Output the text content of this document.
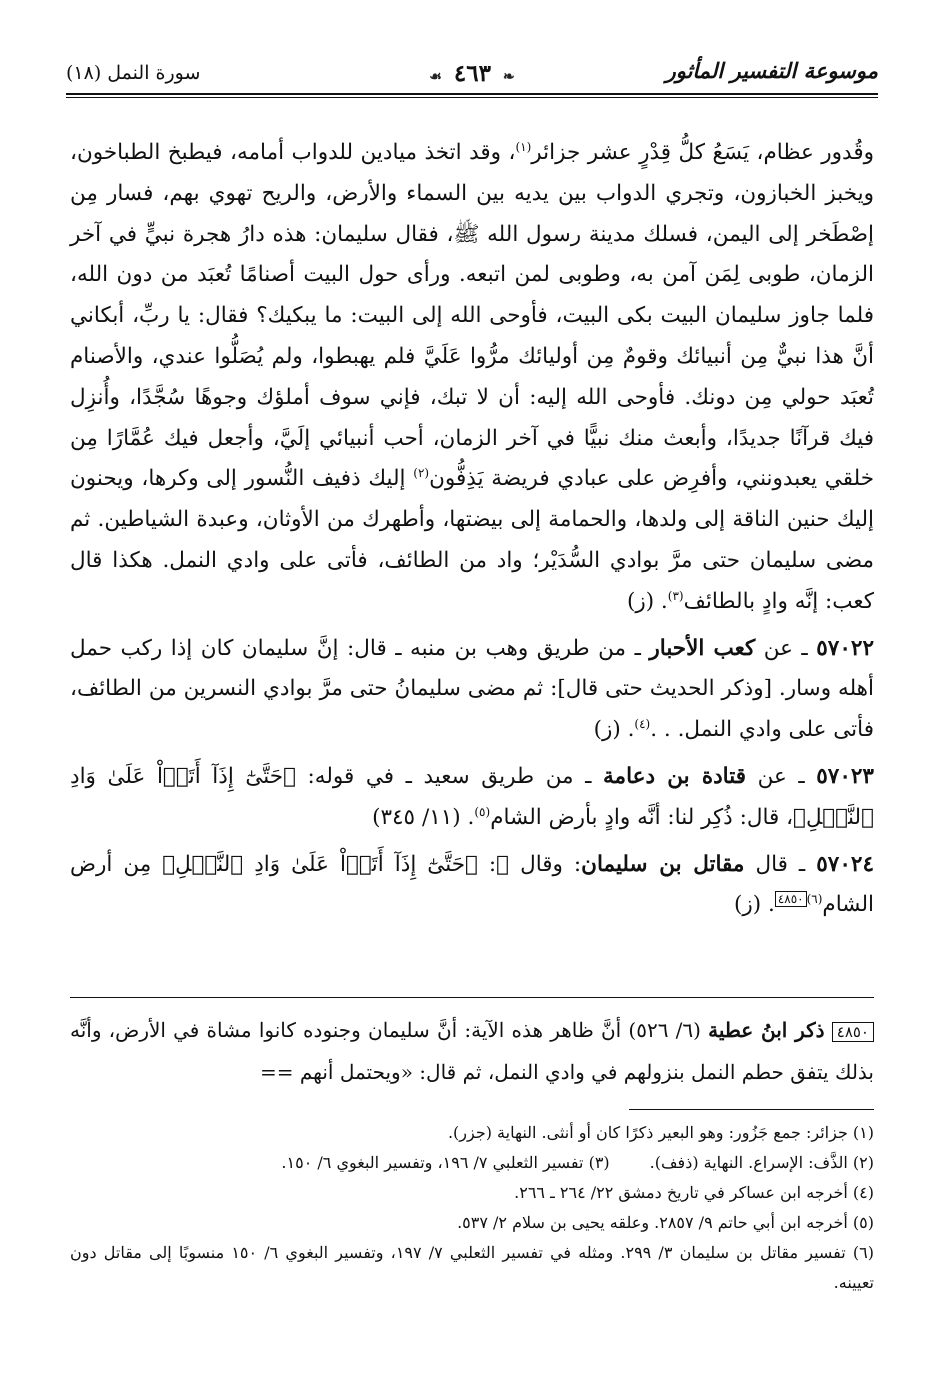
موسوعة التفسير المأثور
❧ ٤٦٣ ☙
سورة النمل (١٨)

وقُدور عظام، يَسَعُ كلُّ قِدْرٍ عشر جزائر$^{(١)}$، وقد اتخذ ميادين للدواب أمامه، فيطبخ الطباخون، ويخبز الخبازون، وتجري الدواب بين يديه بين السماء والأرض، والريح تهوي بهم، فسار مِن إصْطَخر إلى اليمن، فسلك مدينة رسول الله ﷺ، فقال سليمان: هذه دارُ هجرة نبيٍّ في آخر الزمان، طوبى لِمَن آمن به، وطوبى لمن اتبعه. ورأى حول البيت أصنامًا تُعبَد من دون الله، فلما جاوز سليمان البيت بكى البيت، فأوحى الله إلى البيت: ما يبكيك؟ فقال: يا ربِّ، أبكاني أنَّ هذا نبيٌّ مِن أنبيائك وقومٌ مِن أوليائك مرُّوا عَلَيَّ فلم يهبطوا، ولم يُصَلُّوا عندي، والأصنام تُعبَد حولي مِن دونك. فأوحى الله إليه: أن لا تبك، فإني سوف أملؤك وجوهًا سُجَّدًا، وأُنزِل فيك قرآنًا جديدًا، وأبعث منك نبيًّا في آخر الزمان، أحب أنبيائي إلَيَّ، وأجعل فيك عُمَّارًا مِن خلقي يعبدونني، وأفرِض على عبادي فريضة يَذِفُّون$^{(٢)}$ إليك ذفيف النُّسور إلى وكرها، ويحنون إليك حنين الناقة إلى ولدها، والحمامة إلى بيضتها، وأطهرك من الأوثان، وعبدة الشياطين. ثم مضى سليمان حتى مرَّ بوادي السُّدَيْر؛ واد من الطائف، فأتى على وادي النمل. هكذا قال كعب: إنَّه وادٍ بالطائف$^{(٣)}$. (ز)

٥٧٠٢٢ ـ عن كعب الأحبار ـ من طريق وهب بن منبه ـ قال: إنَّ سليمان كان إذا ركب حمل أهله وسار. [وذكر الحديث حتى قال]: ثم مضى سليمانُ حتى مرَّ بوادي النسرين من الطائف، فأتى على وادي النمل. . .$^{(٤)}$. (ز)

٥٧٠٢٣ ـ عن قتادة بن دعامة ـ من طريق سعيد ـ في قوله: ﴿حَتَّىٰٓ إِذَآ أَتَوۡاْ عَلَىٰ وَادِ ٱلنَّمۡلِ﴾، قال: ذُكِر لنا: أنَّه وادٍ بأرض الشام$^{(٥)}$. (١١/ ٣٤٥)

٥٧٠٢٤ ـ قال مقاتل بن سليمان: وقال ﷺ: ﴿حَتَّىٰٓ إِذَآ أَتَوۡاْ عَلَىٰ وَادِ ٱلنَّمۡلِ﴾ مِن أرض الشام$^{(٦)٤٨٥٠}$. (ز)

٤٨٥٠ ذكر ابنُ عطية (٦/ ٥٢٦) أنَّ ظاهر هذه الآية: أنَّ سليمان وجنوده كانوا مشاة في الأرض، وأنَّه بذلك يتفق حطم النمل بنزولهم في وادي النمل، ثم قال: «ويحتمل أنهم ==

(١) جزائر: جمع جَزُور: وهو البعير ذكرًا كان أو أنثى. النهاية (جزر).

(٢) الذَّف: الإسراع. النهاية (ذفف).
(٣) تفسير الثعلبي ٧/ ١٩٦، وتفسير البغوي ٦/ ١٥٠.

(٤) أخرجه ابن عساكر في تاريخ دمشق ٢٢/ ٢٦٤ ـ ٢٦٦.

(٥) أخرجه ابن أبي حاتم ٩/ ٢٨٥٧. وعلقه يحيى بن سلام ٢/ ٥٣٧.

(٦) تفسير مقاتل بن سليمان ٣/ ٢٩٩. ومثله في تفسير الثعلبي ٧/ ١٩٧، وتفسير البغوي ٦/ ١٥٠ منسوبًا إلى مقاتل دون تعيينه.
